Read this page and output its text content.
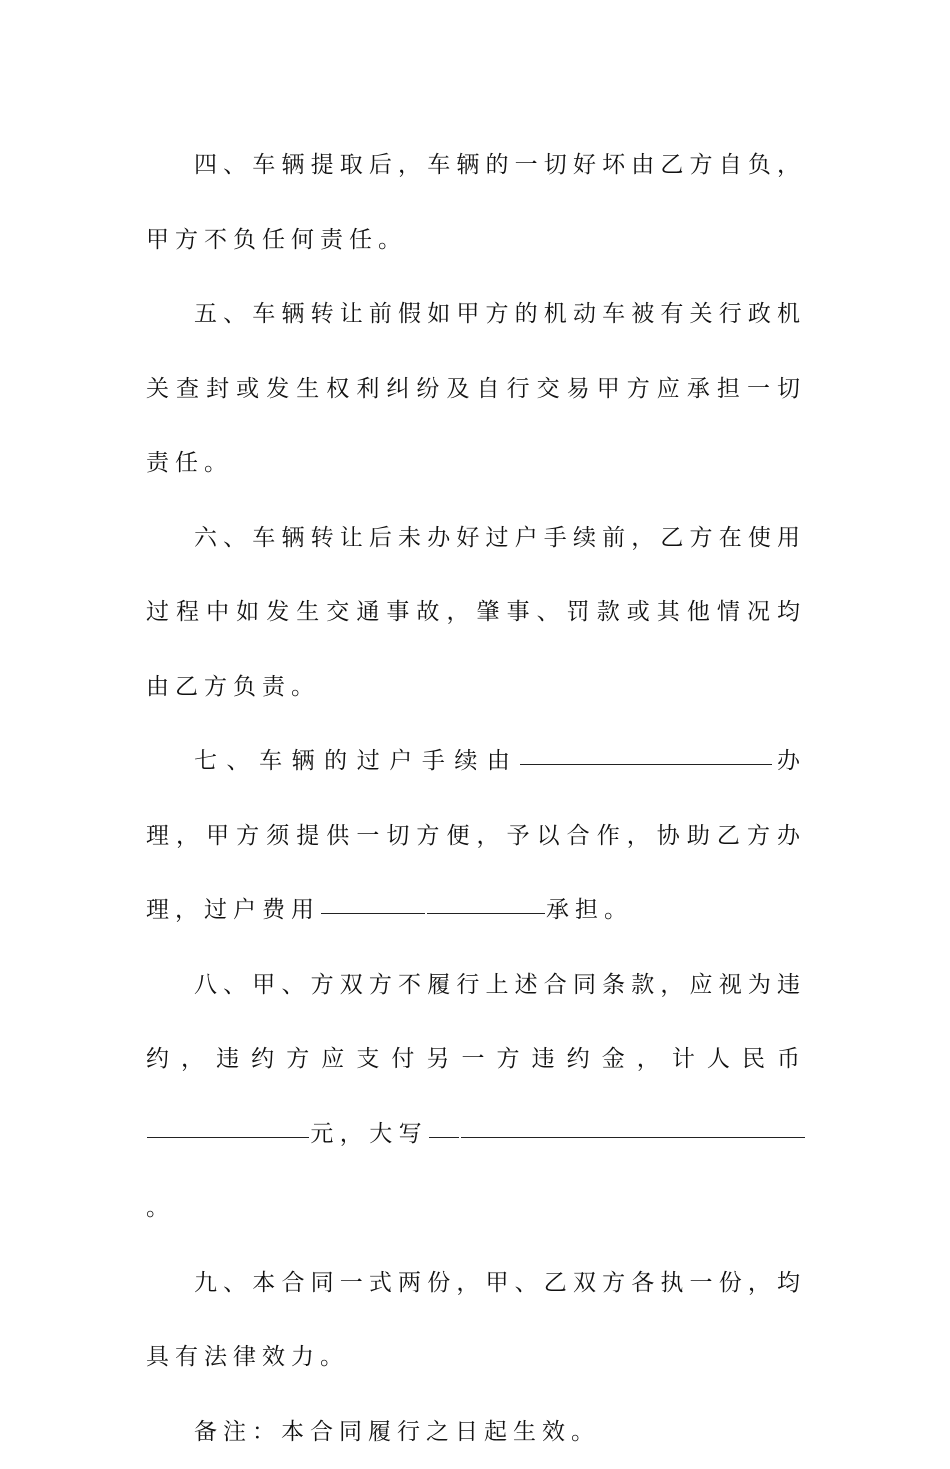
四、车辆提取后，车辆的一切好坏由乙方自负，甲方不负任何责任。

五、车辆转让前假如甲方的机动车被有关行政机关查封或发生权利纠纷及自行交易甲方应承担一切责任。

六、车辆转让后未办好过户手续前，乙方在使用过程中如发生交通事故，肇事、罚款或其他情况均由乙方负责。

七、车辆的过户手续由	办理，甲方须提供一切方便，予以合作，协助乙方办理，过户费用	承担。

八、甲、方双方不履行上述合同条款，应视为违约，违约方应支付另一方违约金，计人民币元，大写。

九、本合同一式两份，甲、乙双方各执一份，均具有法律效力。

备注：本合同履行之日起生效。
